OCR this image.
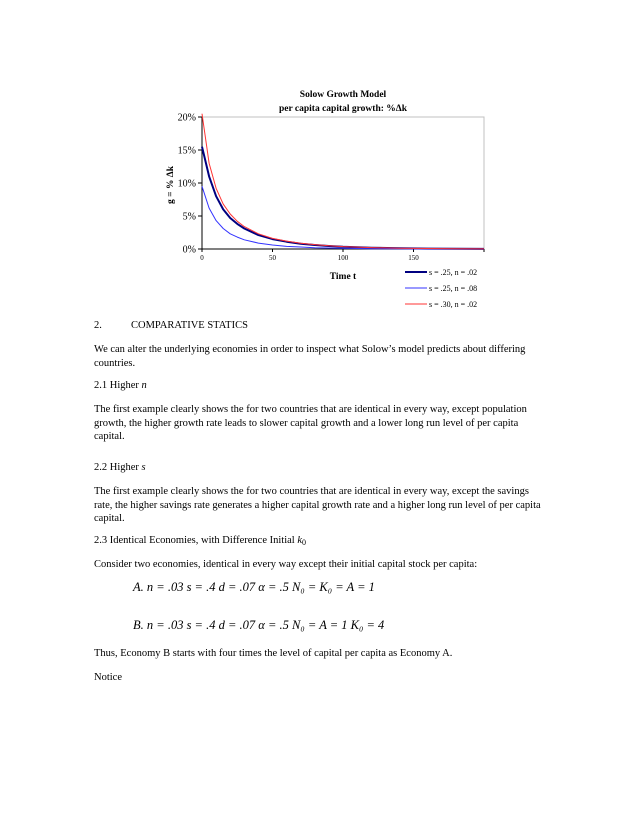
Solow Growth Model
per capita capital growth: %Δk
0%
5%
10%
15%
20%
0	50	100	150
Time t
g = % Δk
s = .25, n = .02
s = .25, n = .08
s = .30, n = .02
2.	COMPARATIVE STATICS
We can alter the underlying economies in order to inspect what Solow’s model predicts about differing countries.
2.1 Higher n
The first example clearly shows the for two countries that are identical in every way, except population growth, the higher growth rate leads to slower capital growth and a lower long run level of per capita capital.
2.2 Higher s
The first example clearly shows the for two countries that are identical in every way, except the savings rate, the higher savings rate generates a higher capital growth rate and a higher long run level of per capita capital.
2.3 Identical Economies, with Difference Initial $k_0$
Consider two economies, identical in every way except their initial capital stock per capita:
A. n = .03 s = .4 d = .07 α = .5 N₀ = K₀ = A = 1
B. n = .03 s = .4 d = .07 α = .5 N₀ = A = 1 K₀ = 4
Thus, Economy B starts with four times the level of capital per capita as Economy A.
Notice
